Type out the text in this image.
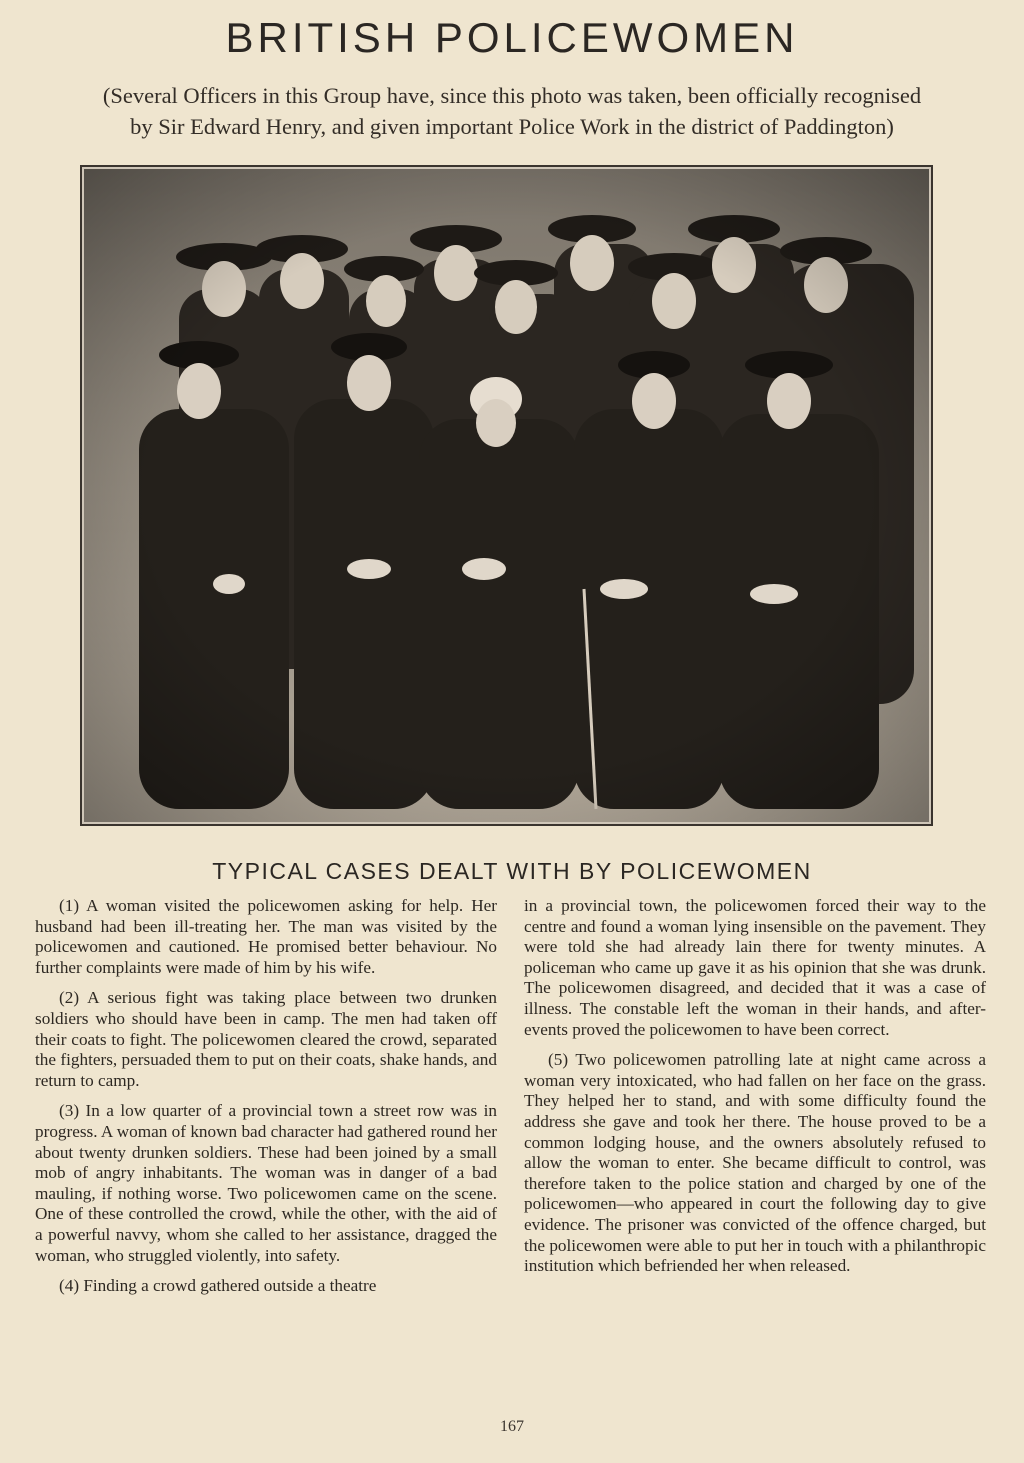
BRITISH POLICEWOMEN
(Several Officers in this Group have, since this photo was taken, been officially recognised
by Sir Edward Henry, and given important Police Work in the district of Paddington)
TYPICAL CASES DEALT WITH BY POLICEWOMEN

(1) A woman visited the policewomen asking for help. Her husband had been ill-treating her. The man was visited by the policewomen and cautioned. He promised better behaviour. No further complaints were made of him by his wife.

(2) A serious fight was taking place between two drunken soldiers who should have been in camp. The men had taken off their coats to fight. The policewomen cleared the crowd, separated the fighters, persuaded them to put on their coats, shake hands, and return to camp.

(3) In a low quarter of a provincial town a street row was in progress. A woman of known bad character had gathered round her about twenty drunken soldiers. These had been joined by a small mob of angry inhabitants. The woman was in danger of a bad mauling, if nothing worse. Two policewomen came on the scene. One of these controlled the crowd, while the other, with the aid of a powerful navvy, whom she called to her assistance, dragged the woman, who struggled violently, into safety.

(4) Finding a crowd gathered outside a theatre

in a provincial town, the policewomen forced their way to the centre and found a woman lying insensible on the pavement. They were told she had already lain there for twenty minutes. A policeman who came up gave it as his opinion that she was drunk. The policewomen disagreed, and decided that it was a case of illness. The constable left the woman in their hands, and after-events proved the policewomen to have been correct.

(5) Two policewomen patrolling late at night came across a woman very intoxicated, who had fallen on her face on the grass. They helped her to stand, and with some difficulty found the address she gave and took her there. The house proved to be a common lodging house, and the owners absolutely refused to allow the woman to enter. She became difficult to control, was therefore taken to the police station and charged by one of the policewomen—who appeared in court the following day to give evidence. The prisoner was convicted of the offence charged, but the policewomen were able to put her in touch with a philanthropic institution which befriended her when released.

167
